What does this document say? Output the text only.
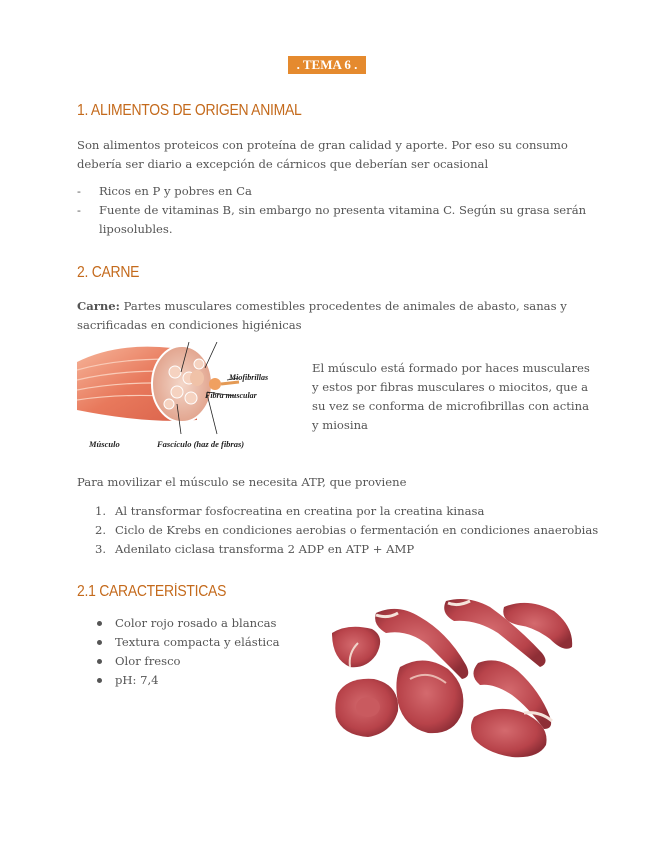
. TEMA 6 .
1. ALIMENTOS DE ORIGEN ANIMAL

Son alimentos proteicos con proteína de gran calidad y aporte. Por eso su consumo

debería ser diario a excepción de cárnicos que deberían ser ocasional

- Ricos en P y pobres en Ca
- Fuente de vitaminas B, sin embargo no presenta vitamina C. Según su grasa serán
liposolubles.
2. CARNE

Carne: Partes musculares comestibles procedentes de animales de abasto, sanas y

sacrificadas en condiciones higiénicas

Miofibrillas
Fibra muscular
Músculo	Fascículo (haz de fibras)

El músculo está formado por haces musculares

y estos por fibras musculares o miocitos, que a

su vez se conforma de microfibrillas con actina

y miosina

Para movilizar el músculo se necesita ATP, que proviene

1. Al transformar fosfocreatina en creatina por la creatina kinasa
2. Ciclo de Krebs en condiciones aerobias o fermentación en condiciones anaerobias
3. Adenilato ciclasa transforma 2 ADP en ATP + AMP
2.1 CARACTERÍSTICAS
Color rojo rosado a blancas
Textura compacta y elástica
Olor fresco
pH: 7,4
